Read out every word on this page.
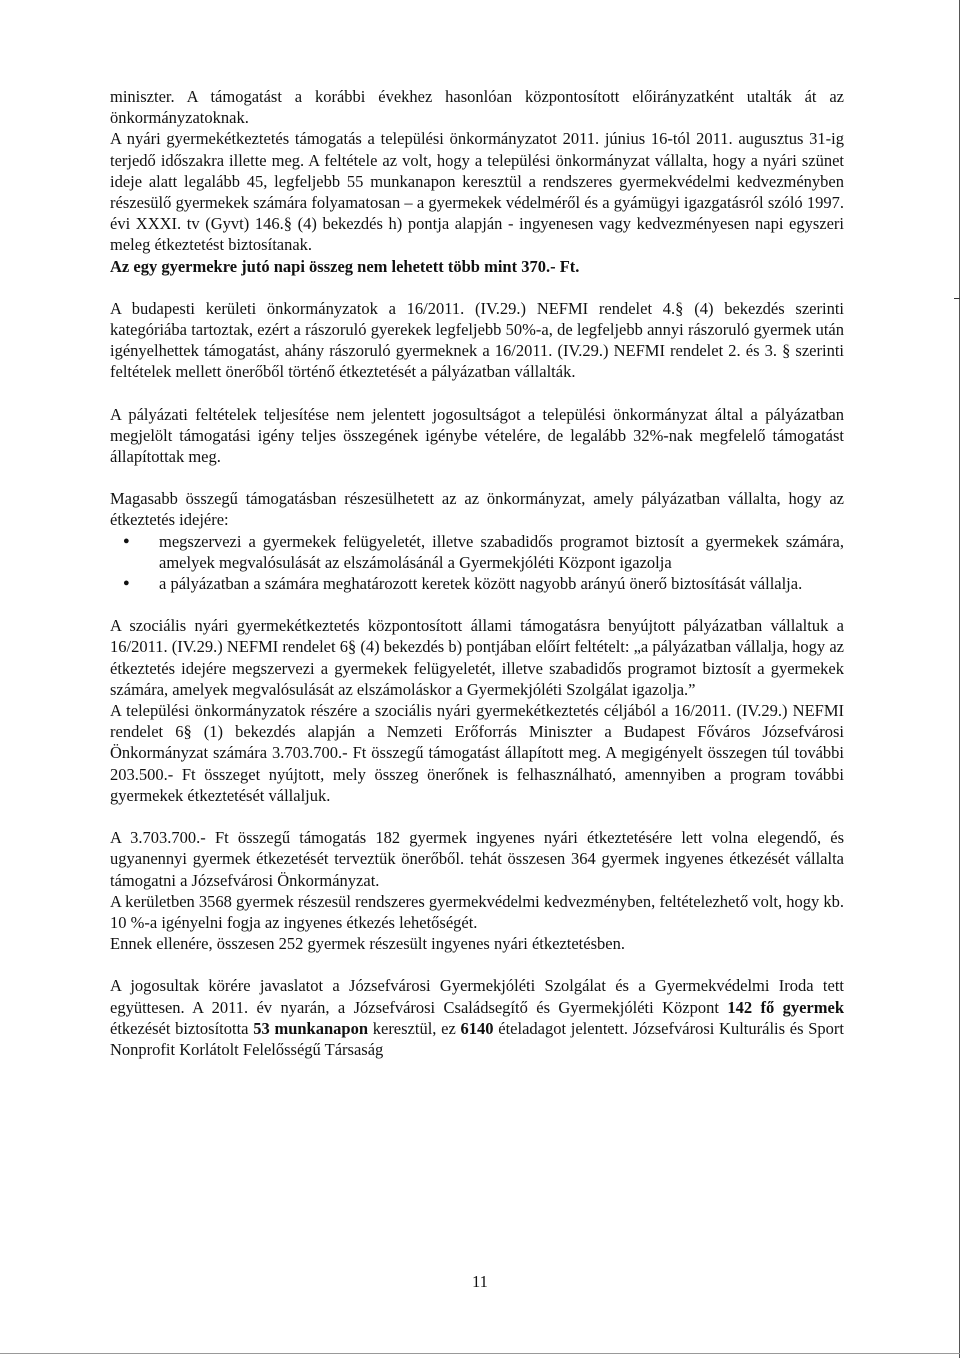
miniszter. A támogatást a korábbi évekhez hasonlóan központosított előirányzatként utalták át az önkormányzatoknak.

A nyári gyermekétkeztetés támogatás a települési önkormányzatot 2011. június 16-tól 2011. augusztus 31-ig terjedő időszakra illette meg. A feltétele az volt, hogy a települési önkormányzat vállalta, hogy a nyári szünet ideje alatt legalább 45, legfeljebb 55 munkanapon keresztül a rendszeres gyermekvédelmi kedvezményben részesülő gyermekek számára folyamatosan – a gyermekek védelméről és a gyámügyi igazgatásról szóló 1997. évi XXXI. tv (Gyvt) 146.§ (4) bekezdés h) pontja alapján - ingyenesen vagy kedvezményesen napi egyszeri meleg étkeztetést biztosítanak.

Az egy gyermekre jutó napi összeg nem lehetett több mint 370.- Ft.

A budapesti kerületi önkormányzatok a 16/2011. (IV.29.) NEFMI rendelet 4.§ (4) bekezdés szerinti kategóriába tartoztak, ezért a rászoruló gyerekek legfeljebb 50%-a, de legfeljebb annyi rászoruló gyermek után igényelhettek támogatást, ahány rászoruló gyermeknek a 16/2011. (IV.29.) NEFMI rendelet 2. és 3. § szerinti feltételek mellett önerőből történő étkeztetését a pályázatban vállalták.

A pályázati feltételek teljesítése nem jelentett jogosultságot a települési önkormányzat által a pályázatban megjelölt támogatási igény teljes összegének igénybe vételére, de legalább 32%-nak megfelelő támogatást állapítottak meg.

Magasabb összegű támogatásban részesülhetett az az önkormányzat, amely pályázatban vállalta, hogy az étkeztetés idejére:

● megszervezi a gyermekek felügyeletét, illetve szabadidős programot biztosít a gyermekek számára, amelyek megvalósulását az elszámolásánál a Gyermekjóléti Központ igazolja
● a pályázatban a számára meghatározott keretek között nagyobb arányú önerő biztosítását vállalja.

A szociális nyári gyermekétkeztetés központosított állami támogatásra benyújtott pályázatban vállaltuk a 16/2011. (IV.29.) NEFMI rendelet 6§ (4) bekezdés b) pontjában előírt feltételt: „a pályázatban vállalja, hogy az étkeztetés idejére megszervezi a gyermekek felügyeletét, illetve szabadidős programot biztosít a gyermekek számára, amelyek megvalósulását az elszámoláskor a Gyermekjóléti Szolgálat igazolja.”

A települési önkormányzatok részére a szociális nyári gyermekétkeztetés céljából a 16/2011. (IV.29.) NEFMI rendelet 6§ (1) bekezdés alapján a Nemzeti Erőforrás Miniszter a Budapest Főváros Józsefvárosi Önkormányzat számára 3.703.700.- Ft összegű támogatást állapított meg. A megigényelt összegen túl további 203.500.- Ft összeget nyújtott, mely összeg önerőnek is felhasználható, amennyiben a program további gyermekek étkeztetését vállaljuk.

A 3.703.700.- Ft összegű támogatás 182 gyermek ingyenes nyári étkeztetésére lett volna elegendő, és ugyanennyi gyermek étkezetését terveztük önerőből. tehát összesen 364 gyermek ingyenes étkezését vállalta támogatni a Józsefvárosi Önkormányzat.

A kerületben 3568 gyermek részesül rendszeres gyermekvédelmi kedvezményben, feltételezhető volt, hogy kb. 10 %-a igényelni fogja az ingyenes étkezés lehetőségét.

Ennek ellenére, összesen 252 gyermek részesült ingyenes nyári étkeztetésben.

A jogosultak körére javaslatot a Józsefvárosi Gyermekjóléti Szolgálat és a Gyermekvédelmi Iroda tett együttesen. A 2011. év nyarán, a Józsefvárosi Családsegítő és Gyermekjóléti Központ 142 fő gyermek étkezését biztosította 53 munkanapon keresztül, ez 6140 ételadagot jelentett. Józsefvárosi Kulturális és Sport Nonprofit Korlátolt Felelősségű Társaság

11
